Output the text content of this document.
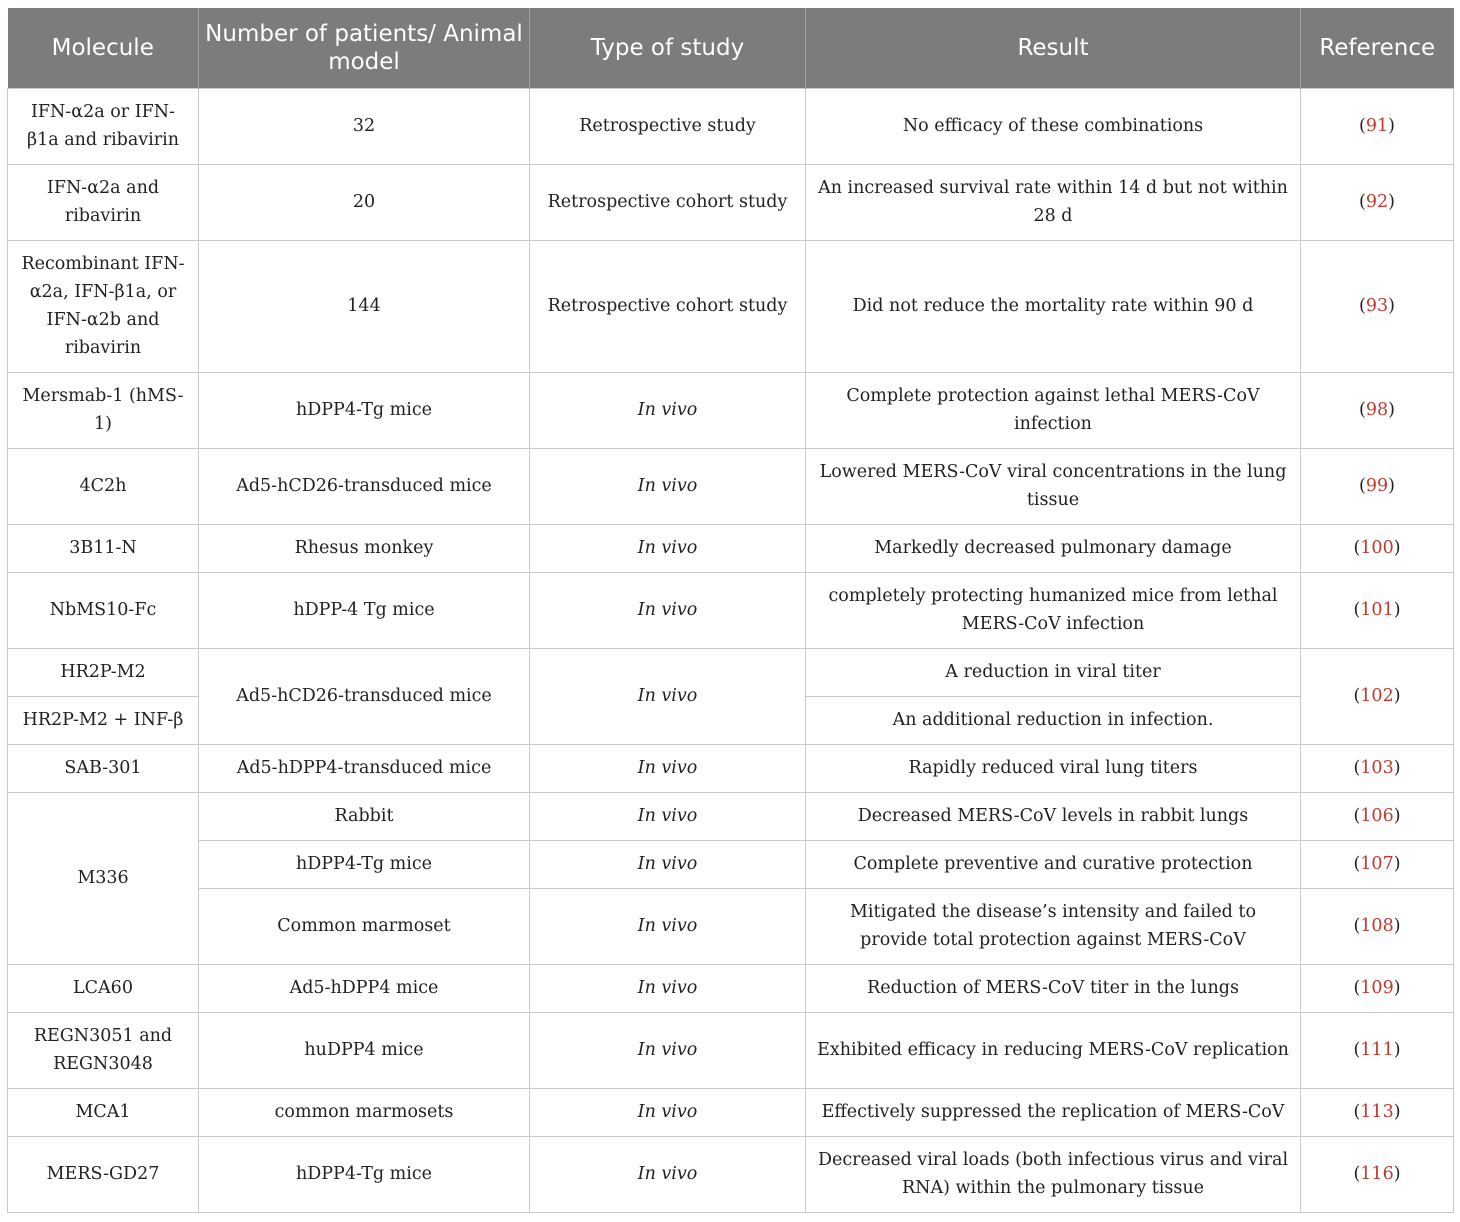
Molecule	Number of patients/ Animal model	Type of study	Result	Reference
IFN-α2a or IFN-β1a and ribavirin	32	Retrospective study	No efficacy of these combinations	(91)
IFN-α2a and ribavirin	20	Retrospective cohort study	An increased survival rate within 14 d but not within 28 d	(92)
Recombinant IFN-α2a, IFN-β1a, or IFN-α2b and ribavirin	144	Retrospective cohort study	Did not reduce the mortality rate within 90 d	(93)
Mersmab-1 (hMS-1)	hDPP4-Tg mice	In vivo	Complete protection against lethal MERS-CoV infection	(98)
4C2h	Ad5-hCD26-transduced mice	In vivo	Lowered MERS-CoV viral concentrations in the lung tissue	(99)
3B11-N	Rhesus monkey	In vivo	Markedly decreased pulmonary damage	(100)
NbMS10-Fc	hDPP-4 Tg mice	In vivo	completely protecting humanized mice from lethal MERS-CoV infection	(101)
HR2P-M2	Ad5-hCD26-transduced mice	In vivo	A reduction in viral titer	(102)
HR2P-M2 + INF-β			An additional reduction in infection.	
SAB-301	Ad5-hDPP4-transduced mice	In vivo	Rapidly reduced viral lung titers	(103)
M336	Rabbit	In vivo	Decreased MERS-CoV levels in rabbit lungs	(106)
	hDPP4-Tg mice	In vivo	Complete preventive and curative protection	(107)
	Common marmoset	In vivo	Mitigated the disease’s intensity and failed to provide total protection against MERS-CoV	(108)
LCA60	Ad5-hDPP4 mice	In vivo	Reduction of MERS-CoV titer in the lungs	(109)
REGN3051 and REGN3048	huDPP4 mice	In vivo	Exhibited efficacy in reducing MERS-CoV replication	(111)
MCA1	common marmosets	In vivo	Effectively suppressed the replication of MERS-CoV	(113)
MERS-GD27	hDPP4-Tg mice	In vivo	Decreased viral loads (both infectious virus and viral RNA) within the pulmonary tissue	(116)
